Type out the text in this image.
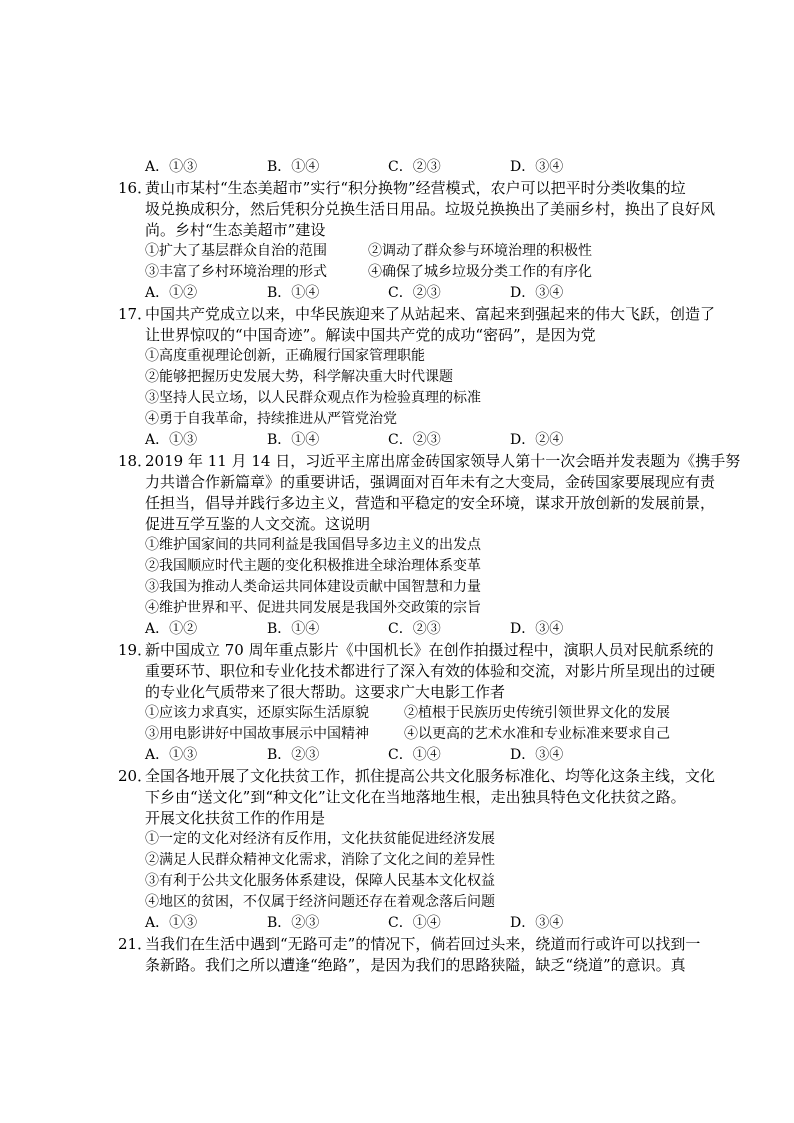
A．①③	B．①④	C．②③	D．③④
16．
黄山市某村“生态美超市”实行“积分换物”经营模式，农户可以把平时分类收集的垃
圾兑换成积分，然后凭积分兑换生活日用品。垃圾兑换换出了美丽乡村，换出了良好风
尚。乡村“生态美超市”建设
①扩大了基层群众自治的范围	②调动了群众参与环境治理的积极性
③丰富了乡村环境治理的形式	④确保了城乡垃圾分类工作的有序化
A．①②	B．①④	C．②③	D．③④
17．
中国共产党成立以来，中华民族迎来了从站起来、富起来到强起来的伟大飞跃，创造了
让世界惊叹的“中国奇迹”。解读中国共产党的成功“密码”，是因为党
①高度重视理论创新，正确履行国家管理职能
②能够把握历史发展大势，科学解决重大时代课题
③坚持人民立场，以人民群众观点作为检验真理的标准
④勇于自我革命，持续推进从严管党治党
A．①③	B．①④	C．②③	D．②④
18．
2019 年 11 月 14 日，习近平主席出席金砖国家领导人第十一次会晤并发表题为《携手努
力共谱合作新篇章》的重要讲话，强调面对百年未有之大变局，金砖国家要展现应有责
任担当，倡导并践行多边主义，营造和平稳定的安全环境，谋求开放创新的发展前景，
促进互学互鉴的人文交流。这说明
①维护国家间的共同利益是我国倡导多边主义的出发点
②我国顺应时代主题的变化积极推进全球治理体系变革
③我国为推动人类命运共同体建设贡献中国智慧和力量
④维护世界和平、促进共同发展是我国外交政策的宗旨
A．①②	B．①④	C．②③	D．③④
19．
新中国成立 70 周年重点影片《中国机长》在创作拍摄过程中，演职人员对民航系统的
重要环节、职位和专业化技术都进行了深入有效的体验和交流，对影片所呈现出的过硬
的专业化气质带来了很大帮助。这要求广大电影工作者
①应该力求真实，还原实际生活原貌	②植根于民族历史传统引领世界文化的发展
③用电影讲好中国故事展示中国精神	④以更高的艺术水准和专业标准来要求自己
A．①③	B．②③	C．①④	D．③④
20．
全国各地开展了文化扶贫工作，抓住提高公共文化服务标准化、均等化这条主线，文化
下乡由“送文化”到“种文化”让文化在当地落地生根，走出独具特色文化扶贫之路。
开展文化扶贫工作的作用是
①一定的文化对经济有反作用，文化扶贫能促进经济发展
②满足人民群众精神文化需求，消除了文化之间的差异性
③有利于公共文化服务体系建设，保障人民基本文化权益
④地区的贫困，不仅属于经济问题还存在着观念落后问题
A．①③	B．②③	C．①④	D．③④
21．
当我们在生活中遇到“无路可走”的情况下，倘若回过头来，绕道而行或许可以找到一
条新路。我们之所以遭逢“绝路”，是因为我们的思路狭隘，缺乏“绕道”的意识。真
